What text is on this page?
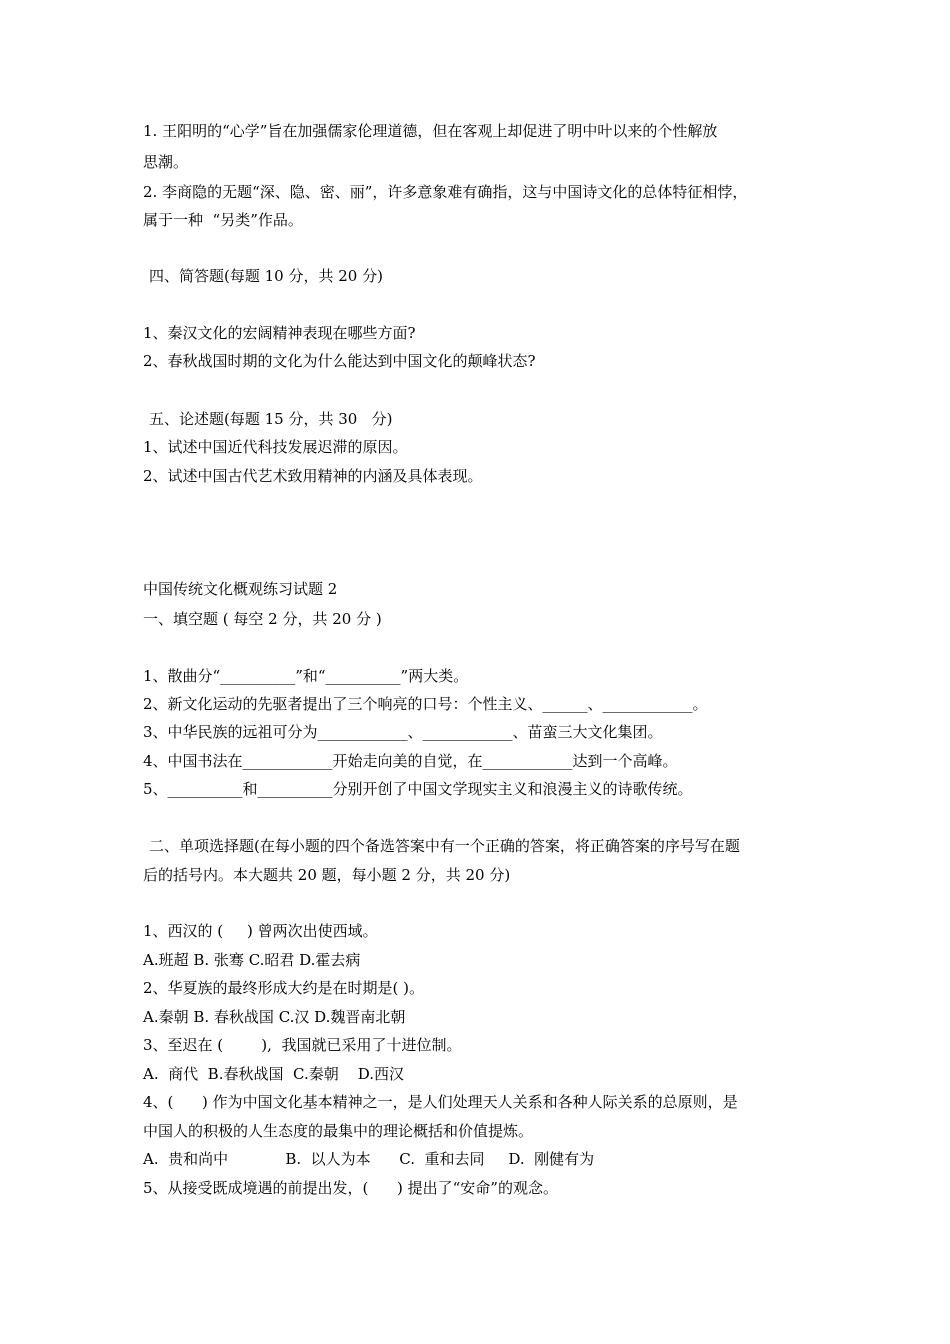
1. 王阳明的“心学”旨在加强儒家伦理道德，但在客观上却促进了明中叶以来的个性解放
思潮。
2. 李商隐的无题“深、隐、密、丽”，许多意象难有确指，这与中国诗文化的总体特征相悖，
属于一种  “另类”作品。
四、简答题(每题 10 分，共 20 分)
1、秦汉文化的宏阔精神表现在哪些方面?
2、春秋战国时期的文化为什么能达到中国文化的颠峰状态?
五、论述题(每题 15 分，共 30   分)
1、试述中国近代科技发展迟滞的原因。
2、试述中国古代艺术致用精神的内涵及具体表现。
中国传统文化概观练习试题 2
一、填空题 ( 每空 2 分，共 20 分 )
1、散曲分“__________”和“__________”两大类。
2、新文化运动的先驱者提出了三个响亮的口号：个性主义、______、____________。
3、中华民族的远祖可分为____________、____________、苗蛮三大文化集团。
4、中国书法在____________开始走向美的自觉，在____________达到一个高峰。
5、__________和__________分别开创了中国文学现实主义和浪漫主义的诗歌传统。
二、单项选择题(在每小题的四个备选答案中有一个正确的答案，将正确答案的序号写在题
后的括号内。本大题共 20 题，每小题 2 分，共 20 分)
1、西汉的 (     ) 曾两次出使西域。
A.班超 B. 张骞 C.昭君 D.霍去病
2、华夏族的最终形成大约是在时期是( )。
A.秦朝 B. 春秋战国 C.汉 D.魏晋南北朝
3、至迟在 (        ),  我国就已采用了十进位制。
A.  商代  B.春秋战国  C.秦朝    D.西汉
4、(      ) 作为中国文化基本精神之一，是人们处理天人关系和各种人际关系的总原则，是
中国人的积极的人生态度的最集中的理论概括和价值提炼。
A.  贵和尚中            B.  以人为本      C.  重和去同     D.  刚健有为
5、从接受既成境遇的前提出发，(      ) 提出了“安命”的观念。
